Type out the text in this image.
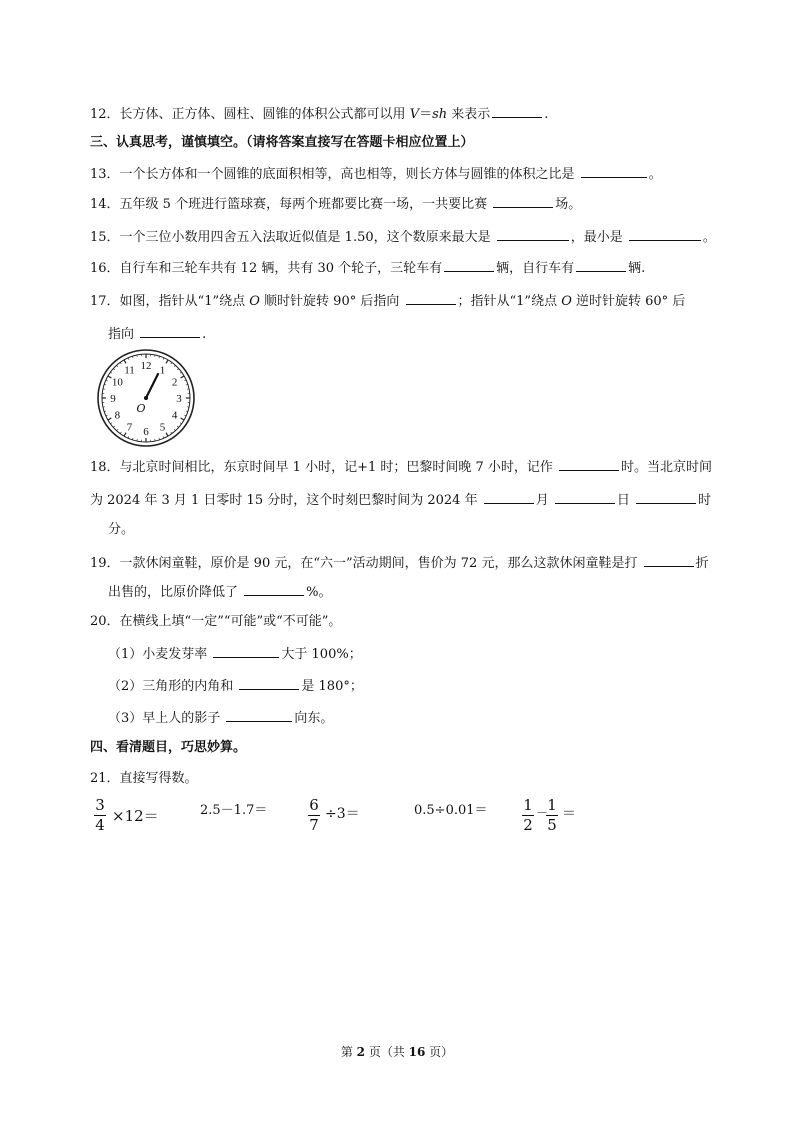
12．长方体、正方体、圆柱、圆锥的体积公式都可以用 V＝sh 来表示	.
三、认真思考，谨慎填空。（请将答案直接写在答题卡相应位置上）
13．一个长方体和一个圆锥的底面积相等，高也相等，则长方体与圆锥的体积之比是	。
14．五年级 5 个班进行篮球赛，每两个班都要比赛一场，一共要比赛	场。
15．一个三位小数用四舍五入法取近似值是 1.50，这个数原来最大是	，最小是	。
16．自行车和三轮车共有 12 辆，共有 30 个轮子，三轮车有	辆，自行车有	辆.
17．如图，指针从“1”绕点 O 顺时针旋转 90° 后指向	；指针从“1”绕点 O 逆时针旋转 60° 后
指向	.
12 1
2
3
4
5
6
7
8
9
10
11
O
18．与北京时间相比，东京时间早 1 小时，记+1 时；巴黎时间晚 7 小时，记作	时。当北京时间
为 2024 年 3 月 1 日零时 15 分时，这个时刻巴黎时间为 2024 年	月	日	时
分。
19．一款休闲童鞋，原价是 90 元，在“六一”活动期间，售价为 72 元，那么这款休闲童鞋是打	折
出售的，比原价降低了	%。
20．在横线上填“一定”“可能”或“不可能”。
（1）小麦发芽率	大于 100%；
（2）三角形的内角和	是 180°；
（3）早上人的影子	向东。
四、看清题目，巧思妙算。
21．直接写得数。
3
4 ×12＝	2.5－1.7＝	6
7
÷3＝	0.5÷0.01＝ 1
2
－ 1
5
＝
第 2 页（共 16 页）
